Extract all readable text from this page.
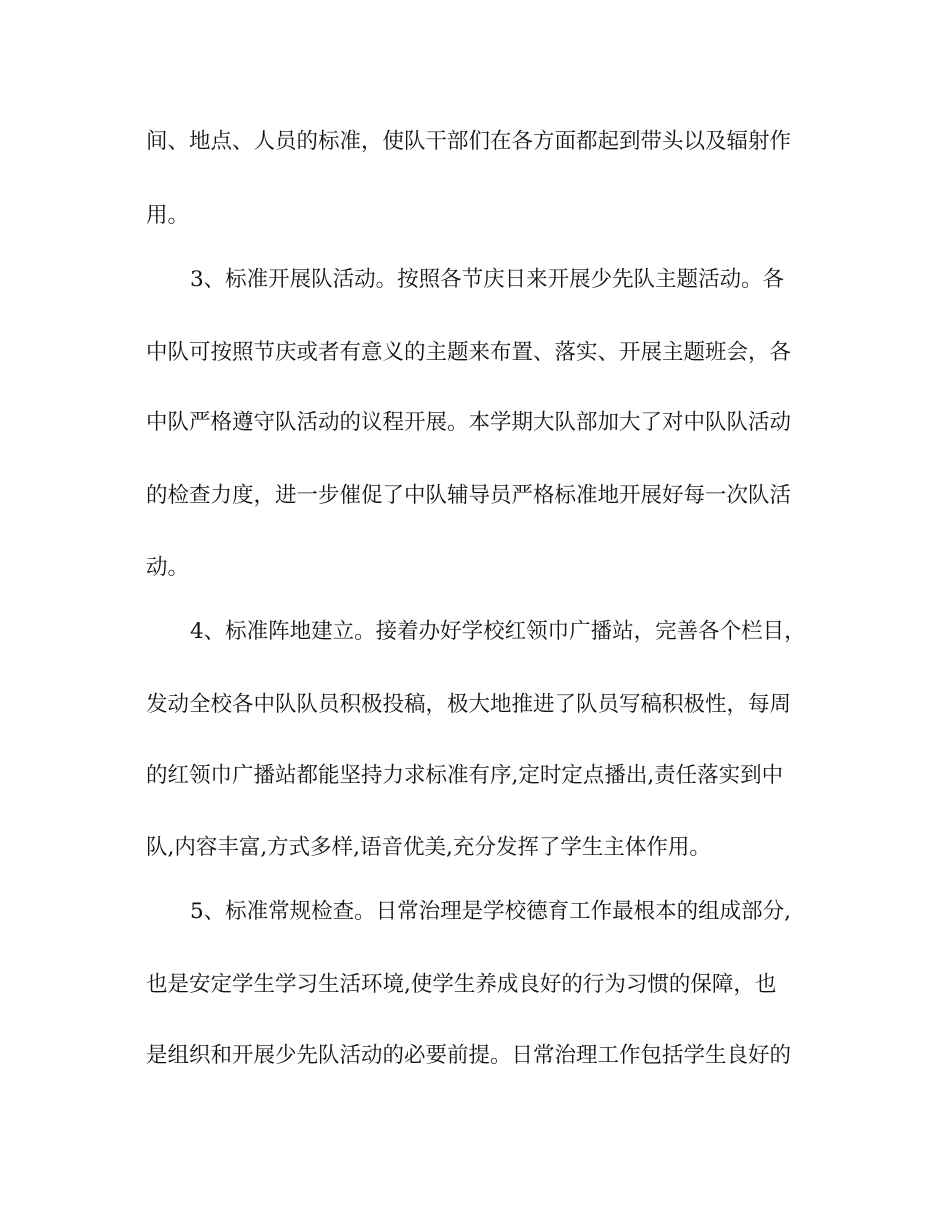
间、地点、人员的标准，使队干部们在各方面都起到带头以及辐射作
用。
3、标准开展队活动。按照各节庆日来开展少先队主题活动。各
中队可按照节庆或者有意义的主题来布置、落实、开展主题班会，各
中队严格遵守队活动的议程开展。本学期大队部加大了对中队队活动
的检查力度，进一步催促了中队辅导员严格标准地开展好每一次队活
动。
4、标准阵地建立。接着办好学校红领巾广播站，完善各个栏目，
发动全校各中队队员积极投稿，极大地推进了队员写稿积极性，每周
的红领巾广播站都能坚持力求标准有序,定时定点播出,责任落实到中
队,内容丰富,方式多样,语音优美,充分发挥了学生主体作用。
5、标准常规检查。日常治理是学校德育工作最根本的组成部分,
也是安定学生学习生活环境,使学生养成良好的行为习惯的保障，也
是组织和开展少先队活动的必要前提。日常治理工作包括学生良好的
